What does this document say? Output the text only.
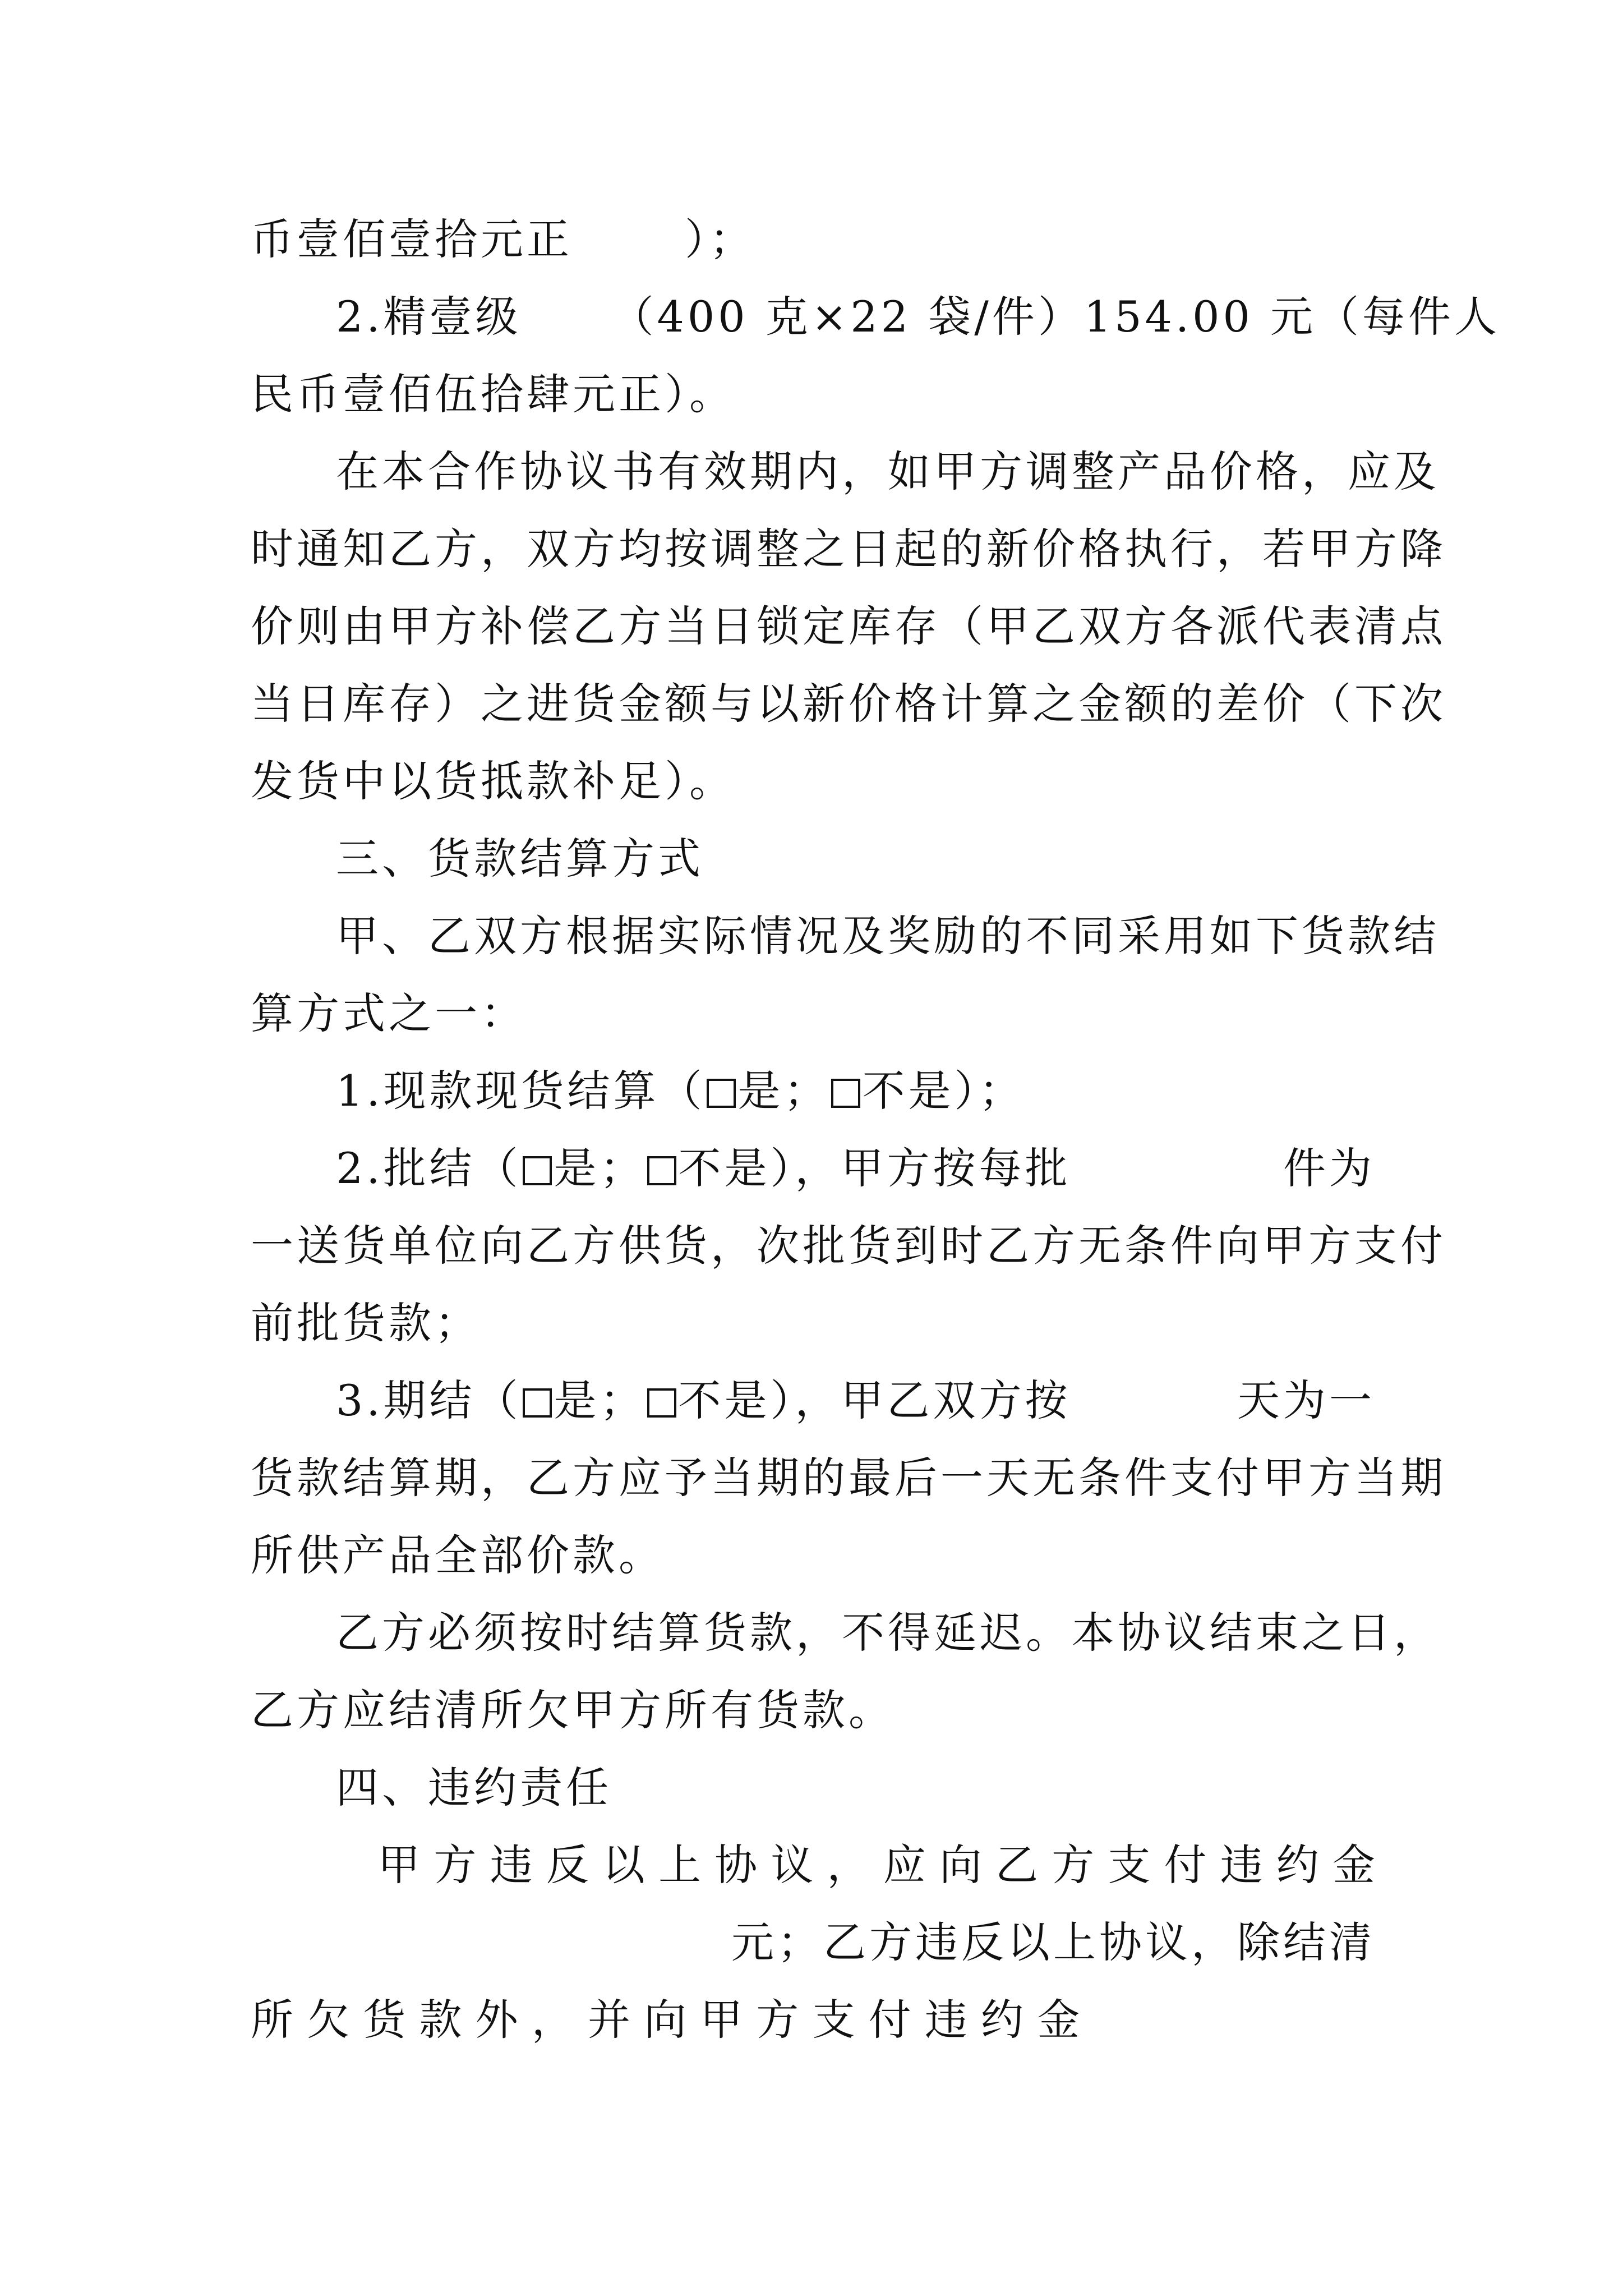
币壹佰壹拾元正	）；
2.精壹级 （400 克×22 袋/件）154.00 元（每件人
民币壹佰伍拾肆元正）。
在本合作协议书有效期内，如甲方调整产品价格，应及
时通知乙方，双方均按调整之日起的新价格执行，若甲方降
价则由甲方补偿乙方当日锁定库存（甲乙双方各派代表清点
当日库存）之进货金额与以新价格计算之金额的差价（下次
发货中以货抵款补足）。
三、货款结算方式
甲、乙双方根据实际情况及奖励的不同采用如下货款结
算方式之一：
1.现款现货结算（ 是； 不是）；
2.批结（ 是； 不是），甲方按每批	件为
一送货单位向乙方供货，次批货到时乙方无条件向甲方支付
前批货款；
3.期结（ 是； 不是），甲乙双方按	天为一
货款结算期，乙方应予当期的最后一天无条件支付甲方当期
所供产品全部价款。
乙方必须按时结算货款，不得延迟。本协议结束之日，
乙方应结清所欠甲方所有货款。
四、违约责任
甲 方 违 反 以 上 协 议 ， 应 向 乙 方 支 付 违 约 金
元；乙方违反以上协议，除结清
所 欠 货 款 外 ， 并 向 甲 方 支 付 违 约 金
